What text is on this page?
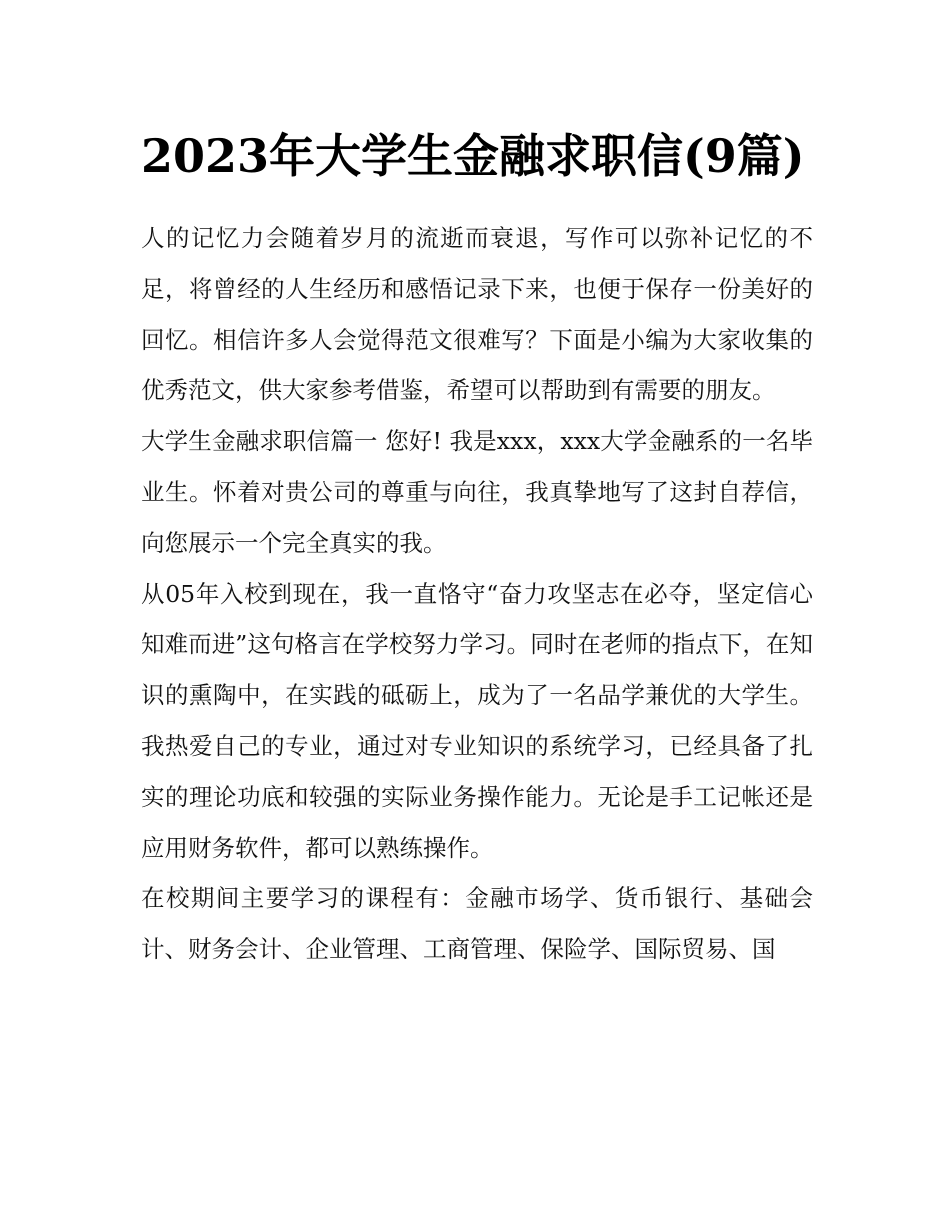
2023年大学生金融求职信(9篇)

人的记忆力会随着岁月的流逝而衰退，写作可以弥补记忆的不足，将曾经的人生经历和感悟记录下来，也便于保存一份美好的回忆。相信许多人会觉得范文很难写？下面是小编为大家收集的优秀范文，供大家参考借鉴，希望可以帮助到有需要的朋友。

大学生金融求职信篇一 您好! 我是xxx，xxx大学金融系的一名毕业生。怀着对贵公司的尊重与向往，我真挚地写了这封自荐信，向您展示一个完全真实的我。

从05年入校到现在，我一直恪守“奋力攻坚志在必夺，坚定信心知难而进”这句格言在学校努力学习。同时在老师的指点下，在知识的熏陶中，在实践的砥砺上，成为了一名品学兼优的大学生。我热爱自己的专业，通过对专业知识的系统学习，已经具备了扎实的理论功底和较强的实际业务操作能力。无论是手工记帐还是应用财务软件，都可以熟练操作。

在校期间主要学习的课程有：金融市场学、货币银行、基础会计、财务会计、企业管理、工商管理、保险学、国际贸易、国
